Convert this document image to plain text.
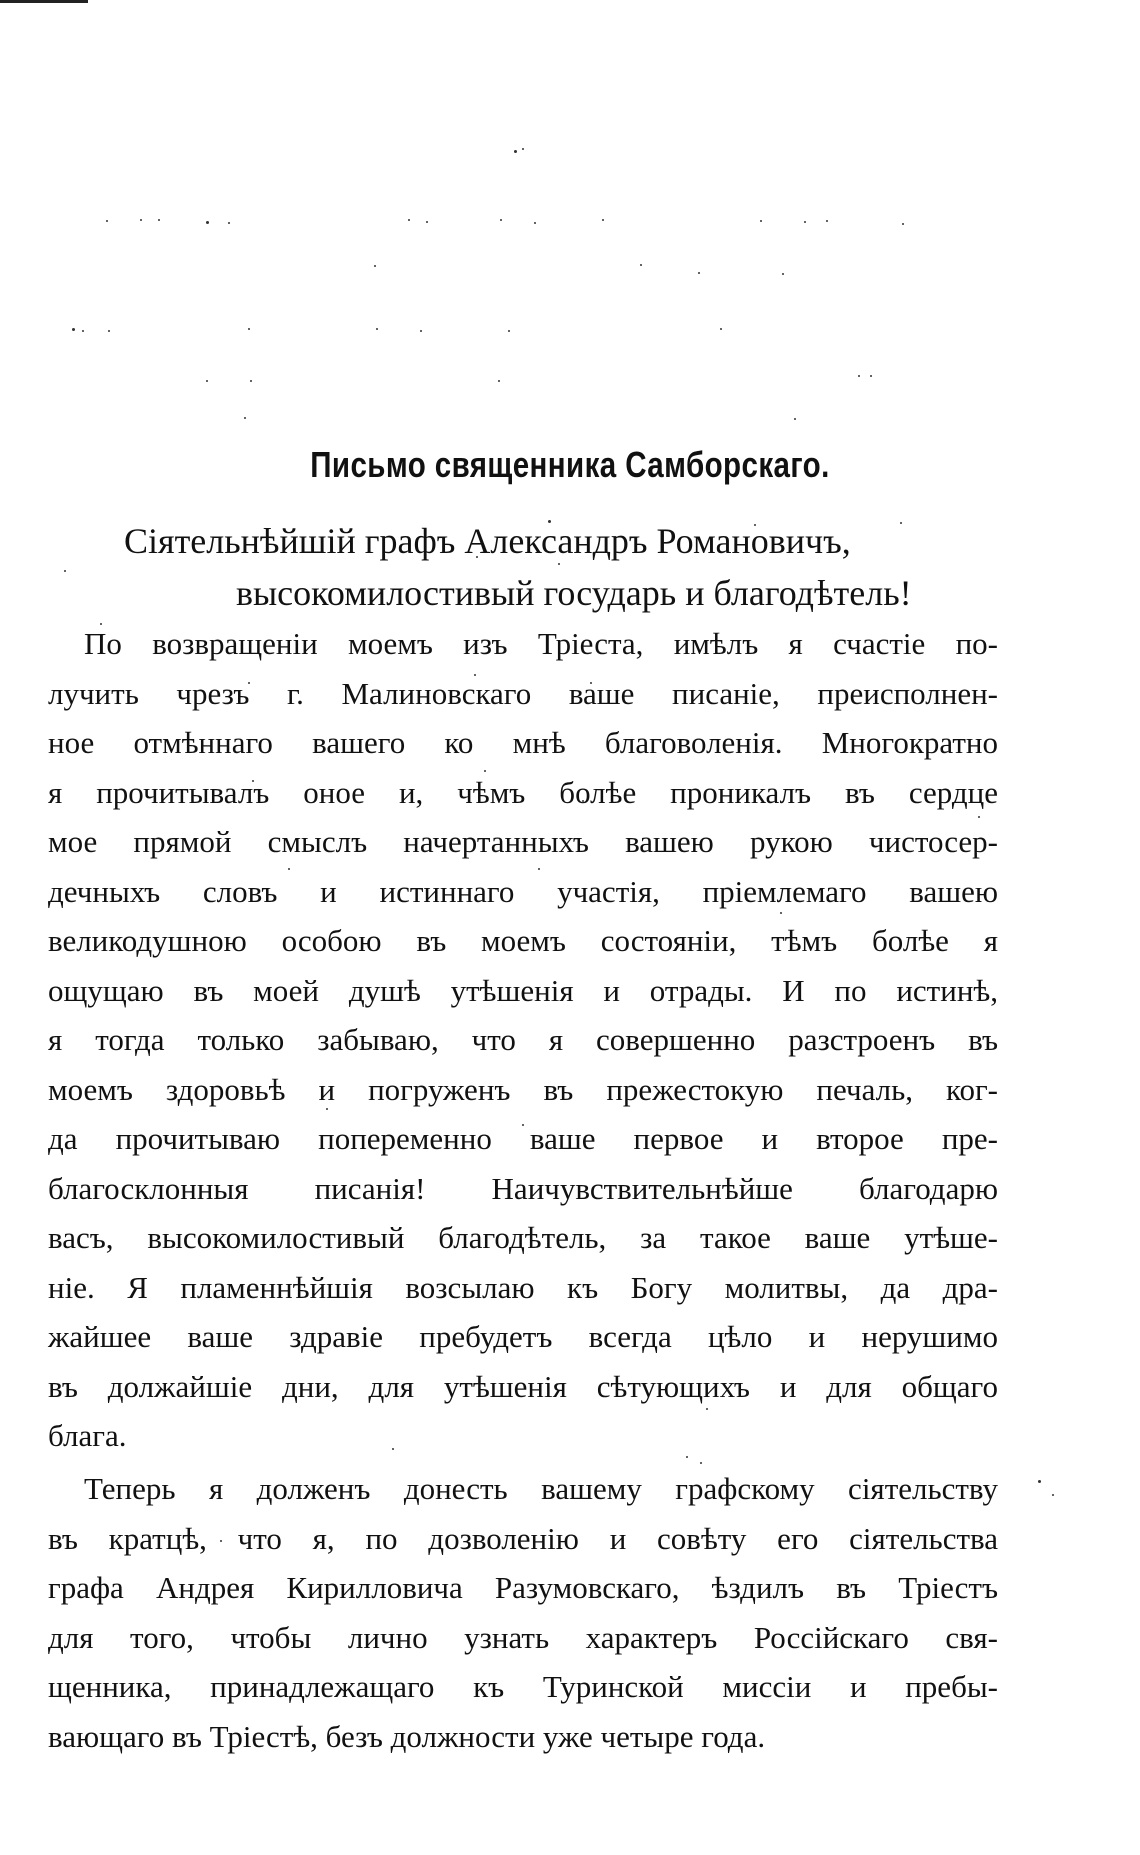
Письмо священника Самборскаго.
Сіятельнѣйшій графъ Александръ Романовичъ,
высокомилостивый государь и благодѣтель!
По возвращеніи моемъ изъ Тріеста, имѣлъ я счастіе по-
лучить чрезъ г. Малиновскаго ваше писаніе, преисполнен-
ное отмѣннаго вашего ко мнѣ благоволенія. Многократно
я прочитывалъ оное и, чѣмъ болѣе проникалъ въ сердце
мое прямой смыслъ начертанныхъ вашею рукою чистосер-
дечныхъ словъ и истиннаго участія, пріемлемаго вашею
великодушною особою въ моемъ состояніи, тѣмъ болѣе я
ощущаю въ моей душѣ утѣшенія и отрады. И по истинѣ,
я тогда только забываю, что я совершенно разстроенъ въ
моемъ здоровьѣ и погруженъ въ прежестокую печаль, ког-
да прочитываю попеременно ваше первое и второе пре-
благосклонныя писанія! Наичувствительнѣйше благодарю
васъ, высокомилостивый благодѣтель, за такое ваше утѣше-
ніе. Я пламеннѣйшія возсылаю къ Богу молитвы, да дра-
жайшее ваше здравіе пребудетъ всегда цѣло и нерушимо
въ должайшіе дни, для утѣшенія сѣтующихъ и для общаго
блага.
Теперь я долженъ донесть вашему графскому сіятельству
въ кратцѣ, что я, по дозволенію и совѣту его сіятельства
графа Андрея Кирилловича Разумовскаго, ѣздилъ въ Тріестъ
для того, чтобы лично узнать характеръ Россійскаго свя-
щенника, принадлежащаго къ Туринской миссіи и пребы-
вающаго въ Тріестѣ, безъ должности уже четыре года.
